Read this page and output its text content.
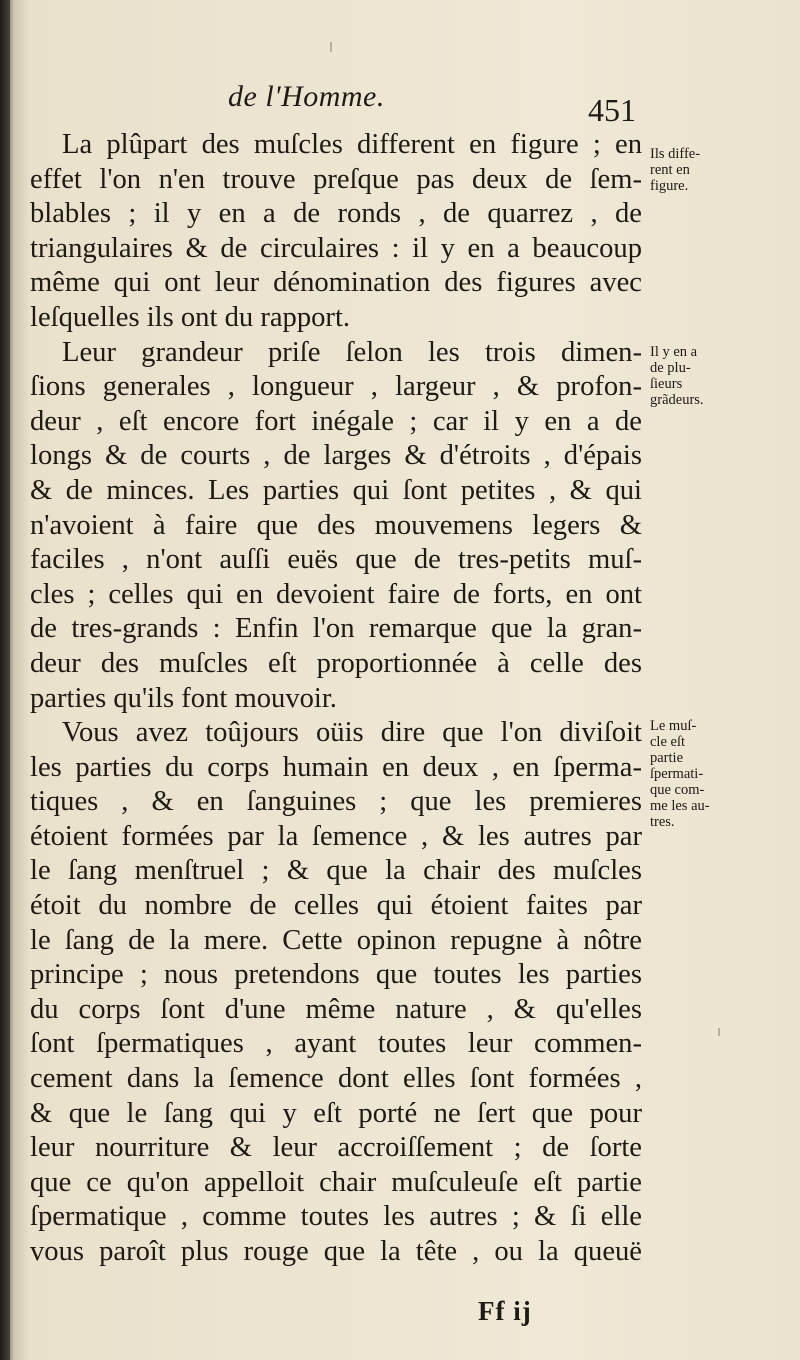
de l'Homme.	451
La plûpart des muſcles different en figure ; en
effet l'on n'en trouve preſque pas deux de ſem-
blables ; il y en a de ronds , de quarrez , de
triangulaires & de circulaires : il y en a beaucoup
même qui ont leur dénomination des figures avec
leſquelles ils ont du rapport.
Leur grandeur priſe ſelon les trois dimen-
ſions generales , longueur , largeur , & profon-
deur , eſt encore fort inégale ; car il y en a de
longs & de courts , de larges & d'étroits , d'épais
& de minces. Les parties qui ſont petites , & qui
n'avoient à faire que des mouvemens legers &
faciles , n'ont auſſi euës que de tres-petits muſ-
cles ; celles qui en devoient faire de forts, en ont
de tres-grands : Enfin l'on remarque que la gran-
deur des muſcles eſt proportionnée à celle des
parties qu'ils font mouvoir.
Vous avez toûjours oüis dire que l'on diviſoit
les parties du corps humain en deux , en ſperma-
tiques , & en ſanguines ; que les premieres
étoient formées par la ſemence , & les autres par
le ſang menſtruel ; & que la chair des muſcles
étoit du nombre de celles qui étoient faites par
le ſang de la mere. Cette opinon repugne à nôtre
principe ; nous pretendons que toutes les parties
du corps ſont d'une même nature , & qu'elles
ſont ſpermatiques , ayant toutes leur commen-
cement dans la ſemence dont elles ſont formées ,
& que le ſang qui y eſt porté ne ſert que pour
leur nourriture & leur accroiſſement ; de ſorte
que ce qu'on appelloit chair muſculeuſe eſt partie
ſpermatique , comme toutes les autres ; & ſi elle
vous paroît plus rouge que la tête , ou la queuë
Ils diffe-
rent en
figure.
Il y en a
de plu-
ſieurs
grãdeurs.
Le muſ-
cle eſt
partie
ſpermati-
que com-
me les au-
tres.
Ff ij
